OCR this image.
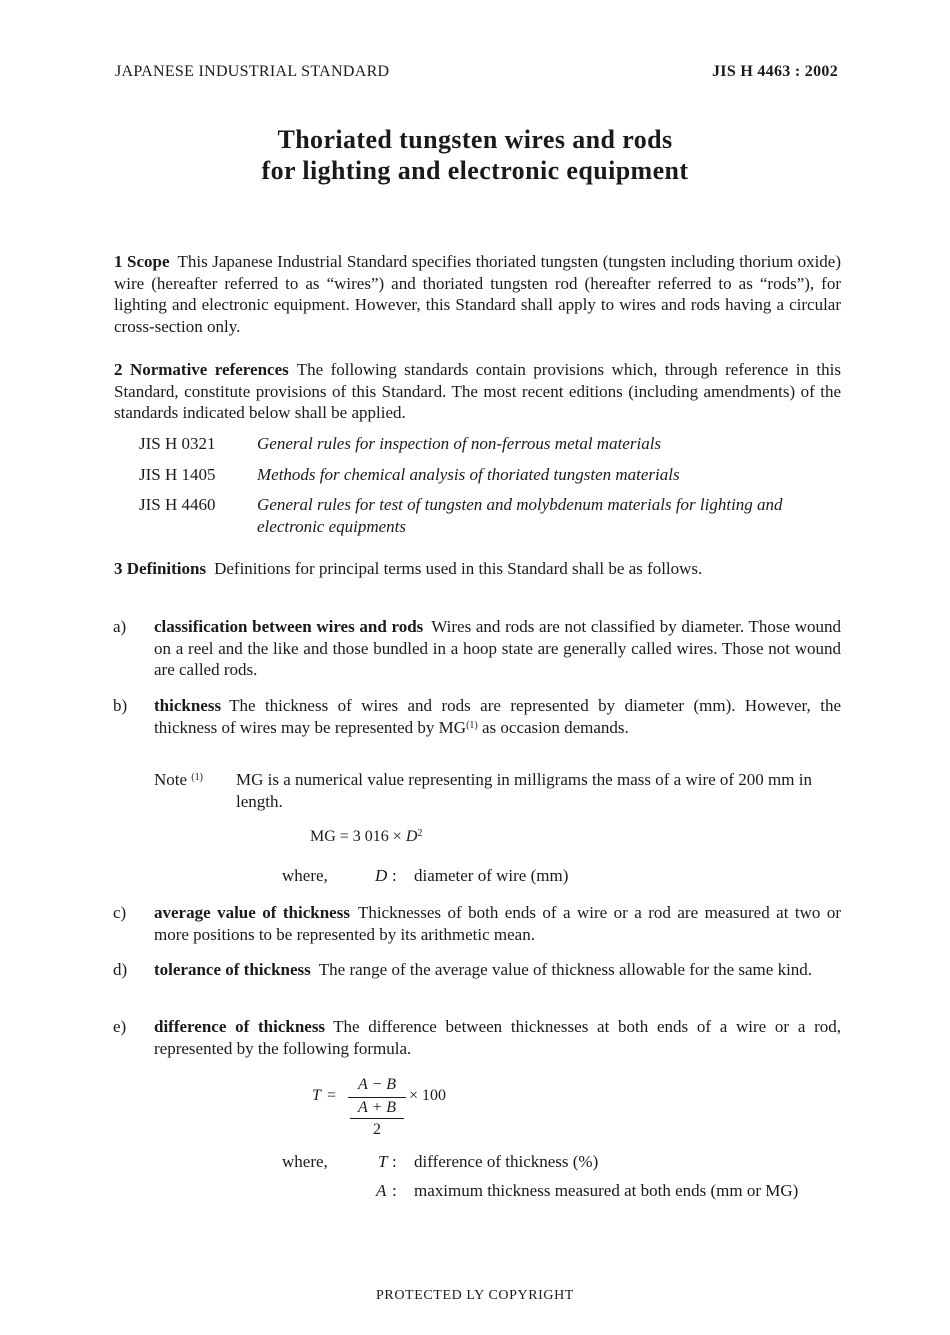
JAPANESE INDUSTRIAL STANDARD	JIS H 4463 : 2002
Thoriated tungsten wires and rods
for lighting and electronic equipment
1 Scope This Japanese Industrial Standard specifies thoriated tungsten (tungsten including thorium oxide) wire (hereafter referred to as “wires”) and thoriated tungsten rod (hereafter referred to as “rods”), for lighting and electronic equipment. However, this Standard shall apply to wires and rods having a circular cross-section only.
2 Normative references The following standards contain provisions which, through reference in this Standard, constitute provisions of this Standard. The most recent editions (including amendments) of the standards indicated below shall be applied.
JIS H 0321 General rules for inspection of non-ferrous metal materials
JIS H 1405 Methods for chemical analysis of thoriated tungsten materials
JIS H 4460 General rules for test of tungsten and molybdenum materials for lighting and electronic equipments
3 Definitions Definitions for principal terms used in this Standard shall be as follows.
a) classification between wires and rods Wires and rods are not classified by diameter. Those wound on a reel and the like and those bundled in a hoop state are generally called wires. Those not wound are called rods.
b) thickness The thickness of wires and rods are represented by diameter (mm). However, the thickness of wires may be represented by MG$^{(1)}$ as occasion demands.
Note $^{(1)}$ MG is a numerical value representing in milligrams the mass of a wire of 200 mm in length.
MG = 3 $016 \times D^2$
where,	D : diameter of wire (mm)
c) average value of thickness Thicknesses of both ends of a wire or a rod are measured at two or more positions to be represented by its arithmetic mean.
d) tolerance of thickness The range of the average value of thickness allowable for the same kind.
e) difference of thickness The difference between thicknesses at both ends of a wire or a rod, represented by the following formula.
T =
A − B
A + B
2
× 100
where,	T : difference of thickness (%)
A : maximum thickness measured at both ends (mm or MG)
PROTECTED LY COPYRIGHT
